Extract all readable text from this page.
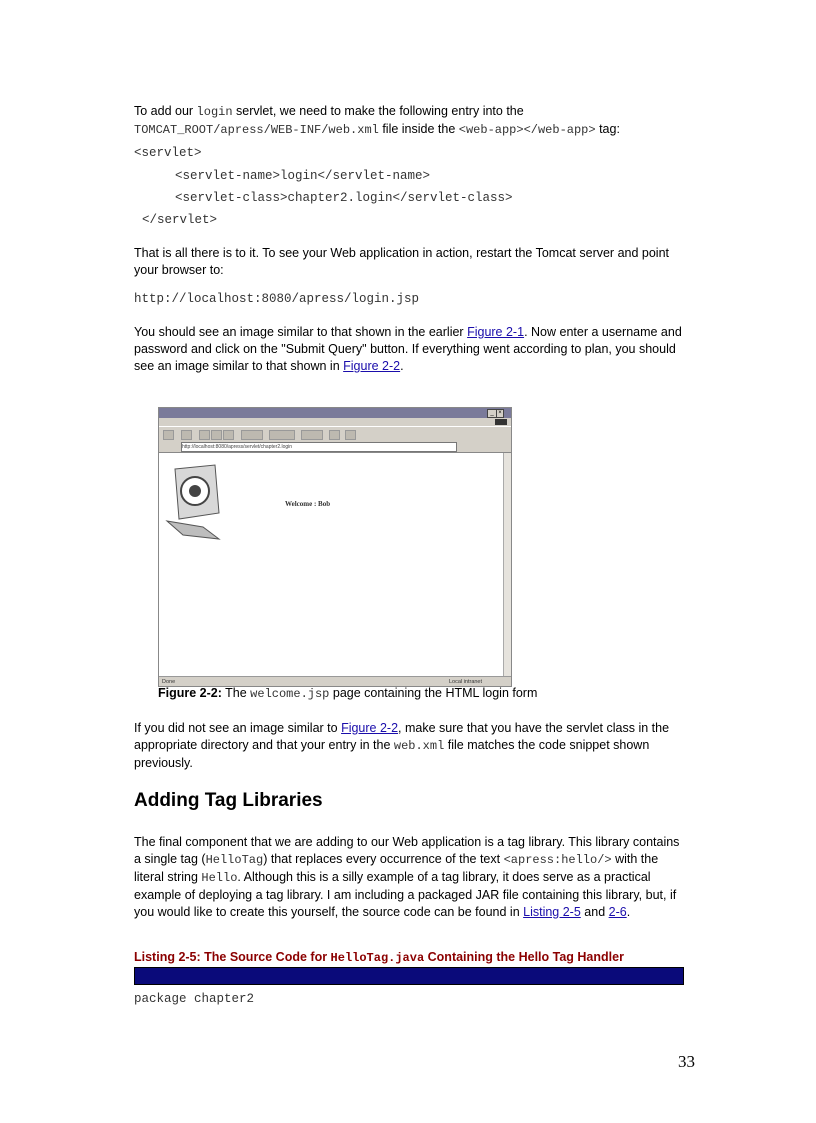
To add our login servlet, we need to make the following entry into the
TOMCAT_ROOT/apress/WEB-INF/web.xml file inside the <web-app></web-app> tag:

<servlet>
<servlet-name>login</servlet-name>
<servlet-class>chapter2.login</servlet-class>
</servlet>

That is all there is to it. To see your Web application in action, restart the Tomcat server and point your browser to:

http://localhost:8080/apress/login.jsp

You should see an image similar to that shown in the earlier Figure 2-1. Now enter a username and password and click on the "Submit Query" button. If everything went according to plan, you should see an image similar to that shown in Figure 2-2.

_ ×
http://localhost:8080/apress/servlet/chapter2.login
Welcome : Bob
Done	Local intranet

Figure 2-2: The welcome.jsp page containing the HTML login form

If you did not see an image similar to Figure 2-2, make sure that you have the servlet class in the appropriate directory and that your entry in the web.xml file matches the code snippet shown previously.

Adding Tag Libraries

The final component that we are adding to our Web application is a tag library. This library contains a single tag (HelloTag) that replaces every occurrence of the text <apress:hello/> with the literal string Hello. Although this is a silly example of a tag library, it does serve as a practical example of deploying a tag library. I am including a packaged JAR file containing this library, but, if you would like to create this yourself, the source code can be found in Listing 2-5 and 2-6.

Listing 2-5: The Source Code for HelloTag.java Containing the Hello Tag Handler

package chapter2

33
